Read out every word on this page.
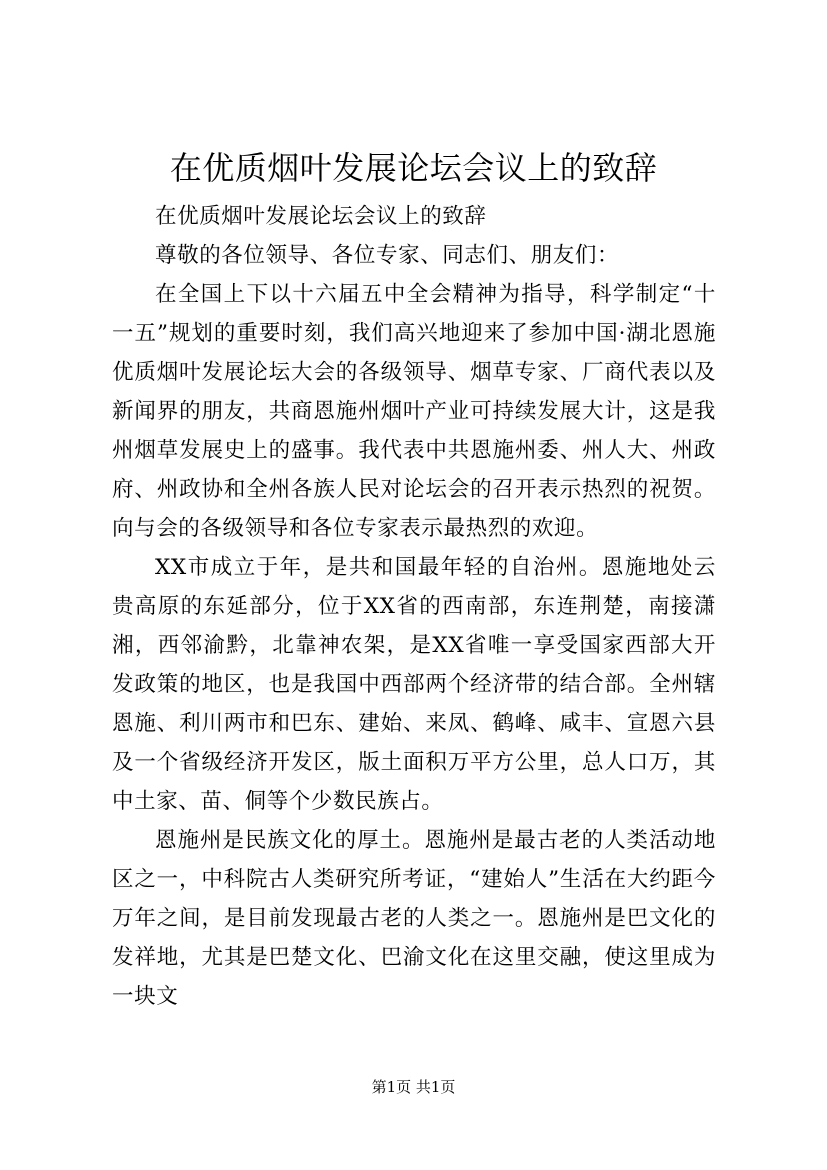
在优质烟叶发展论坛会议上的致辞

在优质烟叶发展论坛会议上的致辞

尊敬的各位领导、各位专家、同志们、朋友们：

在全国上下以十六届五中全会精神为指导，科学制定“十一五”规划的重要时刻，我们高兴地迎来了参加中国·湖北恩施优质烟叶发展论坛大会的各级领导、烟草专家、厂商代表以及新闻界的朋友，共商恩施州烟叶产业可持续发展大计，这是我州烟草发展史上的盛事。我代表中共恩施州委、州人大、州政府、州政协和全州各族人民对论坛会的召开表示热烈的祝贺。向与会的各级领导和各位专家表示最热烈的欢迎。

XX市成立于年，是共和国最年轻的自治州。恩施地处云贵高原的东延部分，位于XX省的西南部，东连荆楚，南接潇湘，西邻渝黔，北靠神农架，是XX省唯一享受国家西部大开发政策的地区，也是我国中西部两个经济带的结合部。全州辖恩施、利川两市和巴东、建始、来凤、鹤峰、咸丰、宣恩六县及一个省级经济开发区，版土面积万平方公里，总人口万，其中土家、苗、侗等个少数民族占。

恩施州是民族文化的厚土。恩施州是最古老的人类活动地区之一，中科院古人类研究所考证，“建始人”生活在大约距今万年之间，是目前发现最古老的人类之一。恩施州是巴文化的发祥地，尤其是巴楚文化、巴渝文化在这里交融，使这里成为一块文

第1页 共1页
